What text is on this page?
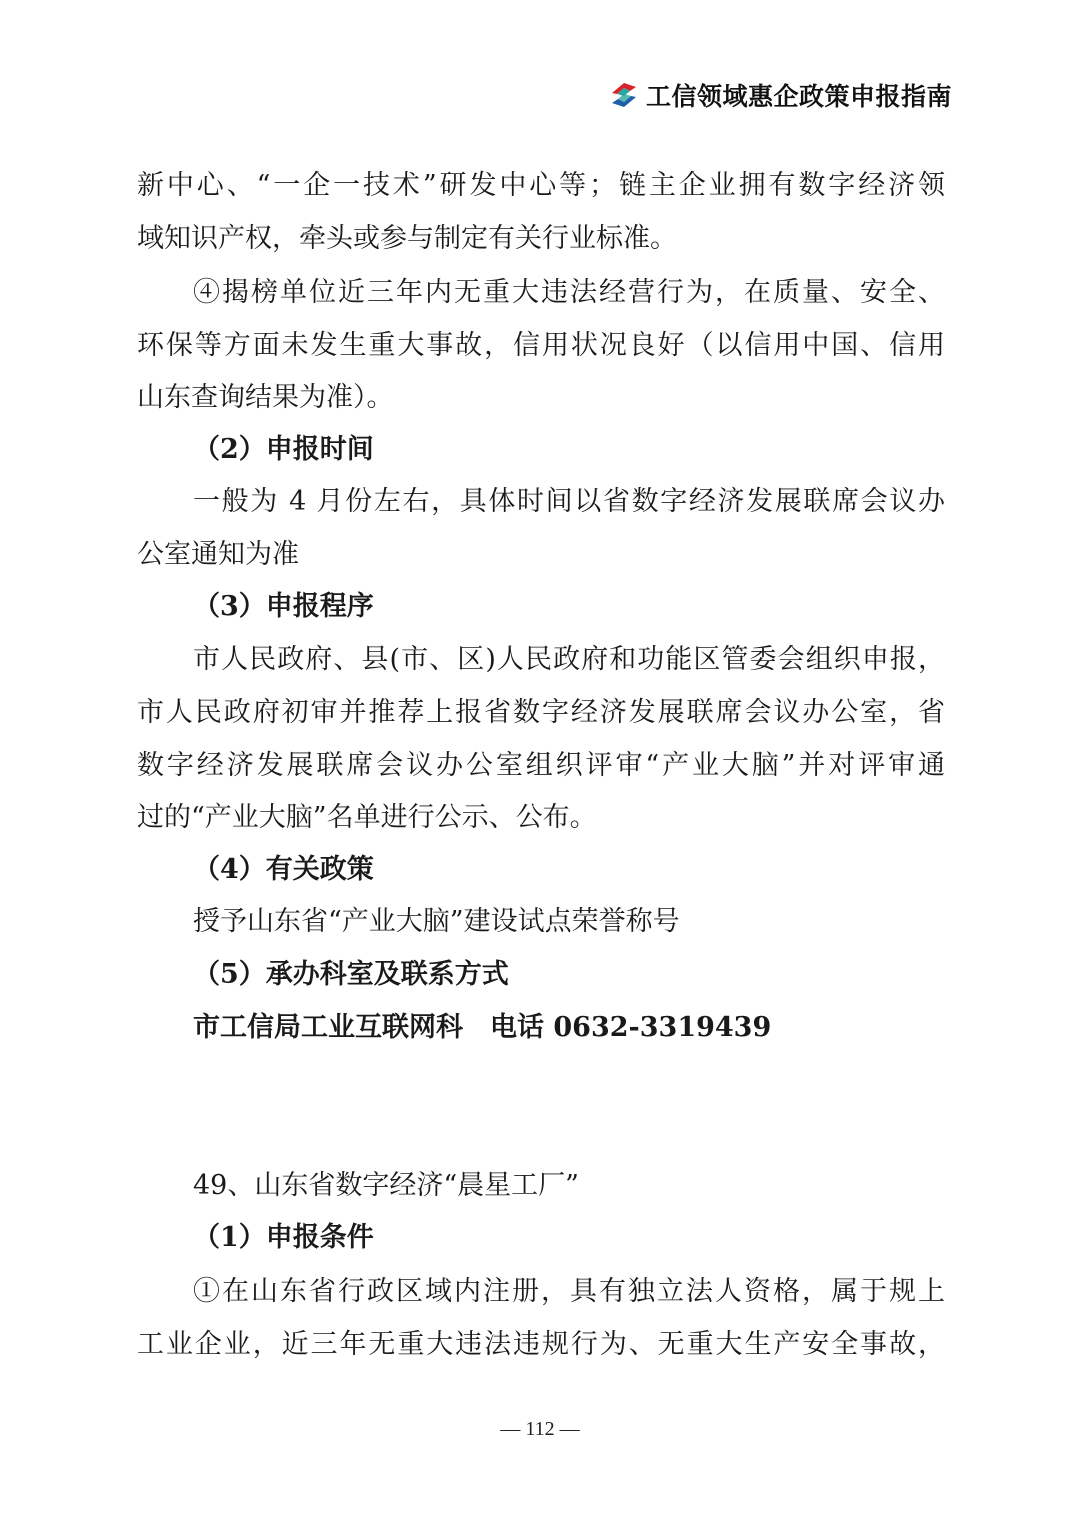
工信领域惠企政策申报指南
新中心、“一企一技术”研发中心等；链主企业拥有数字经济领
域知识产权，牵头或参与制定有关行业标准。
④揭榜单位近三年内无重大违法经营行为，在质量、安全、
环保等方面未发生重大事故，信用状况良好（以信用中国、信用
山东查询结果为准）。
（2）申报时间
一般为 4 月份左右，具体时间以省数字经济发展联席会议办
公室通知为准
（3）申报程序
市人民政府、县(市、区)人民政府和功能区管委会组织申报，
市人民政府初审并推荐上报省数字经济发展联席会议办公室，省
数字经济发展联席会议办公室组织评审“产业大脑”并对评审通
过的“产业大脑”名单进行公示、公布。
（4）有关政策
授予山东省“产业大脑”建设试点荣誉称号
（5）承办科室及联系方式
市工信局工业互联网科　电话 0632-3319439
49、山东省数字经济“晨星工厂”
（1）申报条件
①在山东省行政区域内注册，具有独立法人资格，属于规上
工业企业，近三年无重大违法违规行为、无重大生产安全事故，
— 112 —
